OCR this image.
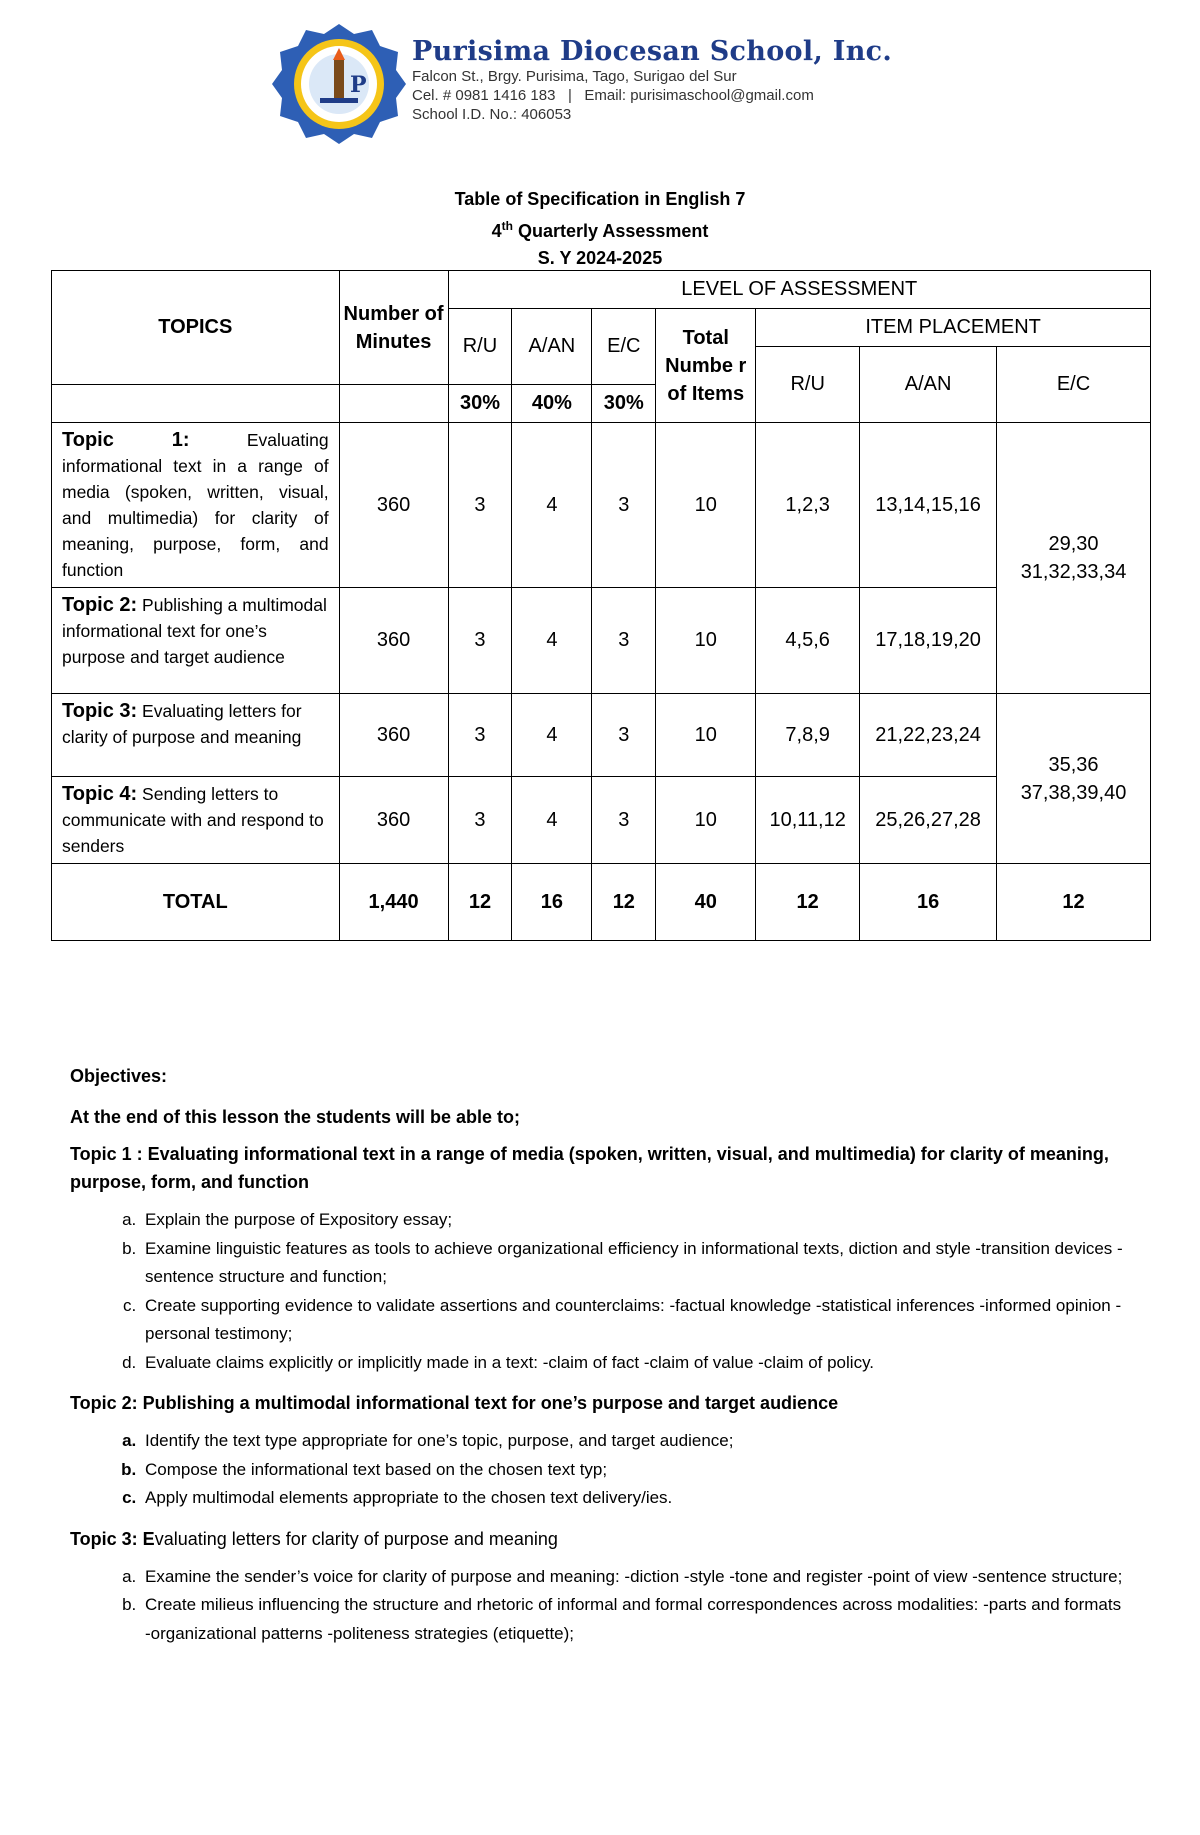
P
Purisima Diocesan School, Inc.
Falcon St., Brgy. Purisima, Tago, Surigao del Sur
Cel. # 0981 1416 183   |   Email: purisimaschool@gmail.com
School I.D. No.: 406053
Table of Specification in English 7
4th Quarterly Assessment
S. Y 2024-2025
TOPICS	Number of Minutes	LEVEL OF ASSESSMENT						
		R/U	A/AN	E/C	Total Numbe r of Items	ITEM PLACEMENT		
						R/U	A/AN	E/C
		30%	40%	30%				
Topic 1: Evaluating informational text in a range of media (spoken, written, visual, and multimedia) for clarity of meaning, purpose, form, and function	360	3	4	3	10	1,2,3	13,14,15,16	29,30
31,32,33,34

Topic 2: Publishing a multimodal informational text for one’s purpose and target audience	360	3	4	3	10	4,5,6	17,18,19,20	
Topic 3: Evaluating letters for clarity of purpose and meaning	360	3	4	3	10	7,8,9	21,22,23,24	35,36
37,38,39,40

Topic 4: Sending letters to communicate with and respond to senders	360	3	4	3	10	10,11,12	25,26,27,28	
TOTAL	1,440	12	16	12	40	12	16	12
Objectives:
At the end of this lesson the students will be able to;
Topic 1 : Evaluating informational text in a range of media (spoken, written, visual, and multimedia) for clarity of meaning, purpose, form, and function
a. Explain the purpose of Expository essay;
b. Examine linguistic features as tools to achieve organizational efficiency in informational texts, diction and style -transition devices -sentence structure and function;
c. Create supporting evidence to validate assertions and counterclaims: -factual knowledge -statistical inferences -informed opinion -personal testimony;
d. Evaluate claims explicitly or implicitly made in a text: -claim of fact -claim of value -claim of policy.
Topic 2: Publishing a multimodal informational text for one’s purpose and target audience
a. Identify the text type appropriate for one’s topic, purpose, and target audience;
b. Compose the informational text based on the chosen text typ;
c. Apply multimodal elements appropriate to the chosen text delivery/ies.
Topic 3: Evaluating letters for clarity of purpose and meaning
a. Examine the sender’s voice for clarity of purpose and meaning: -diction -style -tone and register -point of view -sentence structure;
b. Create milieus influencing the structure and rhetoric of informal and formal correspondences across modalities: -parts and formats -organizational patterns -politeness strategies (etiquette);
